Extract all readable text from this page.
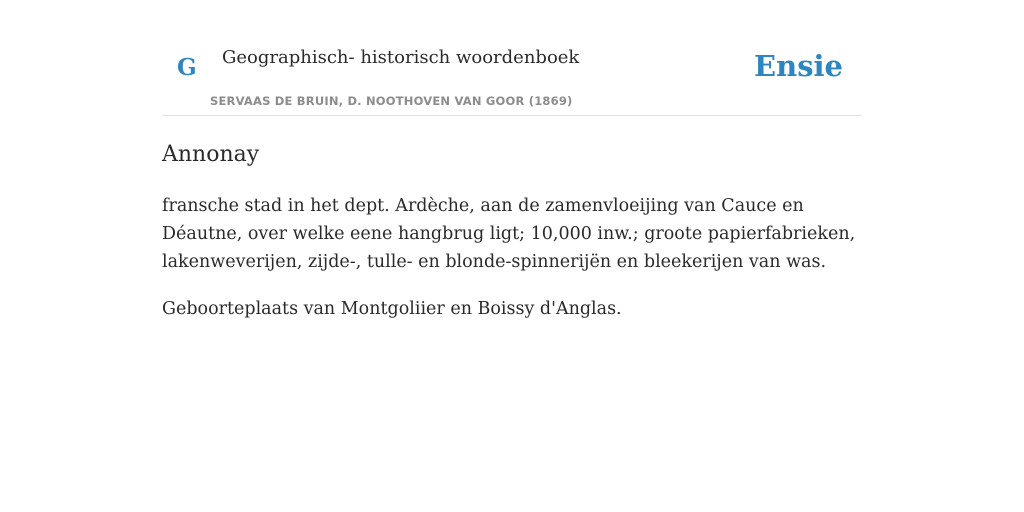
G Geographisch- historisch woordenboek
SERVAAS DE BRUIN, D. NOOTHOVEN VAN GOOR (1869)
Ensie
Annonay

fransche stad in het dept. Ardèche, aan de zamenvloeijing van Cauce en Déautne, over welke eene hangbrug ligt; 10,000 inw.; groote papierfabrieken, lakenweverijen, zijde-, tulle- en blonde-spinnerijën en bleekerijen van was.

Geboorteplaats van Montgoliier en Boissy d'Anglas.
